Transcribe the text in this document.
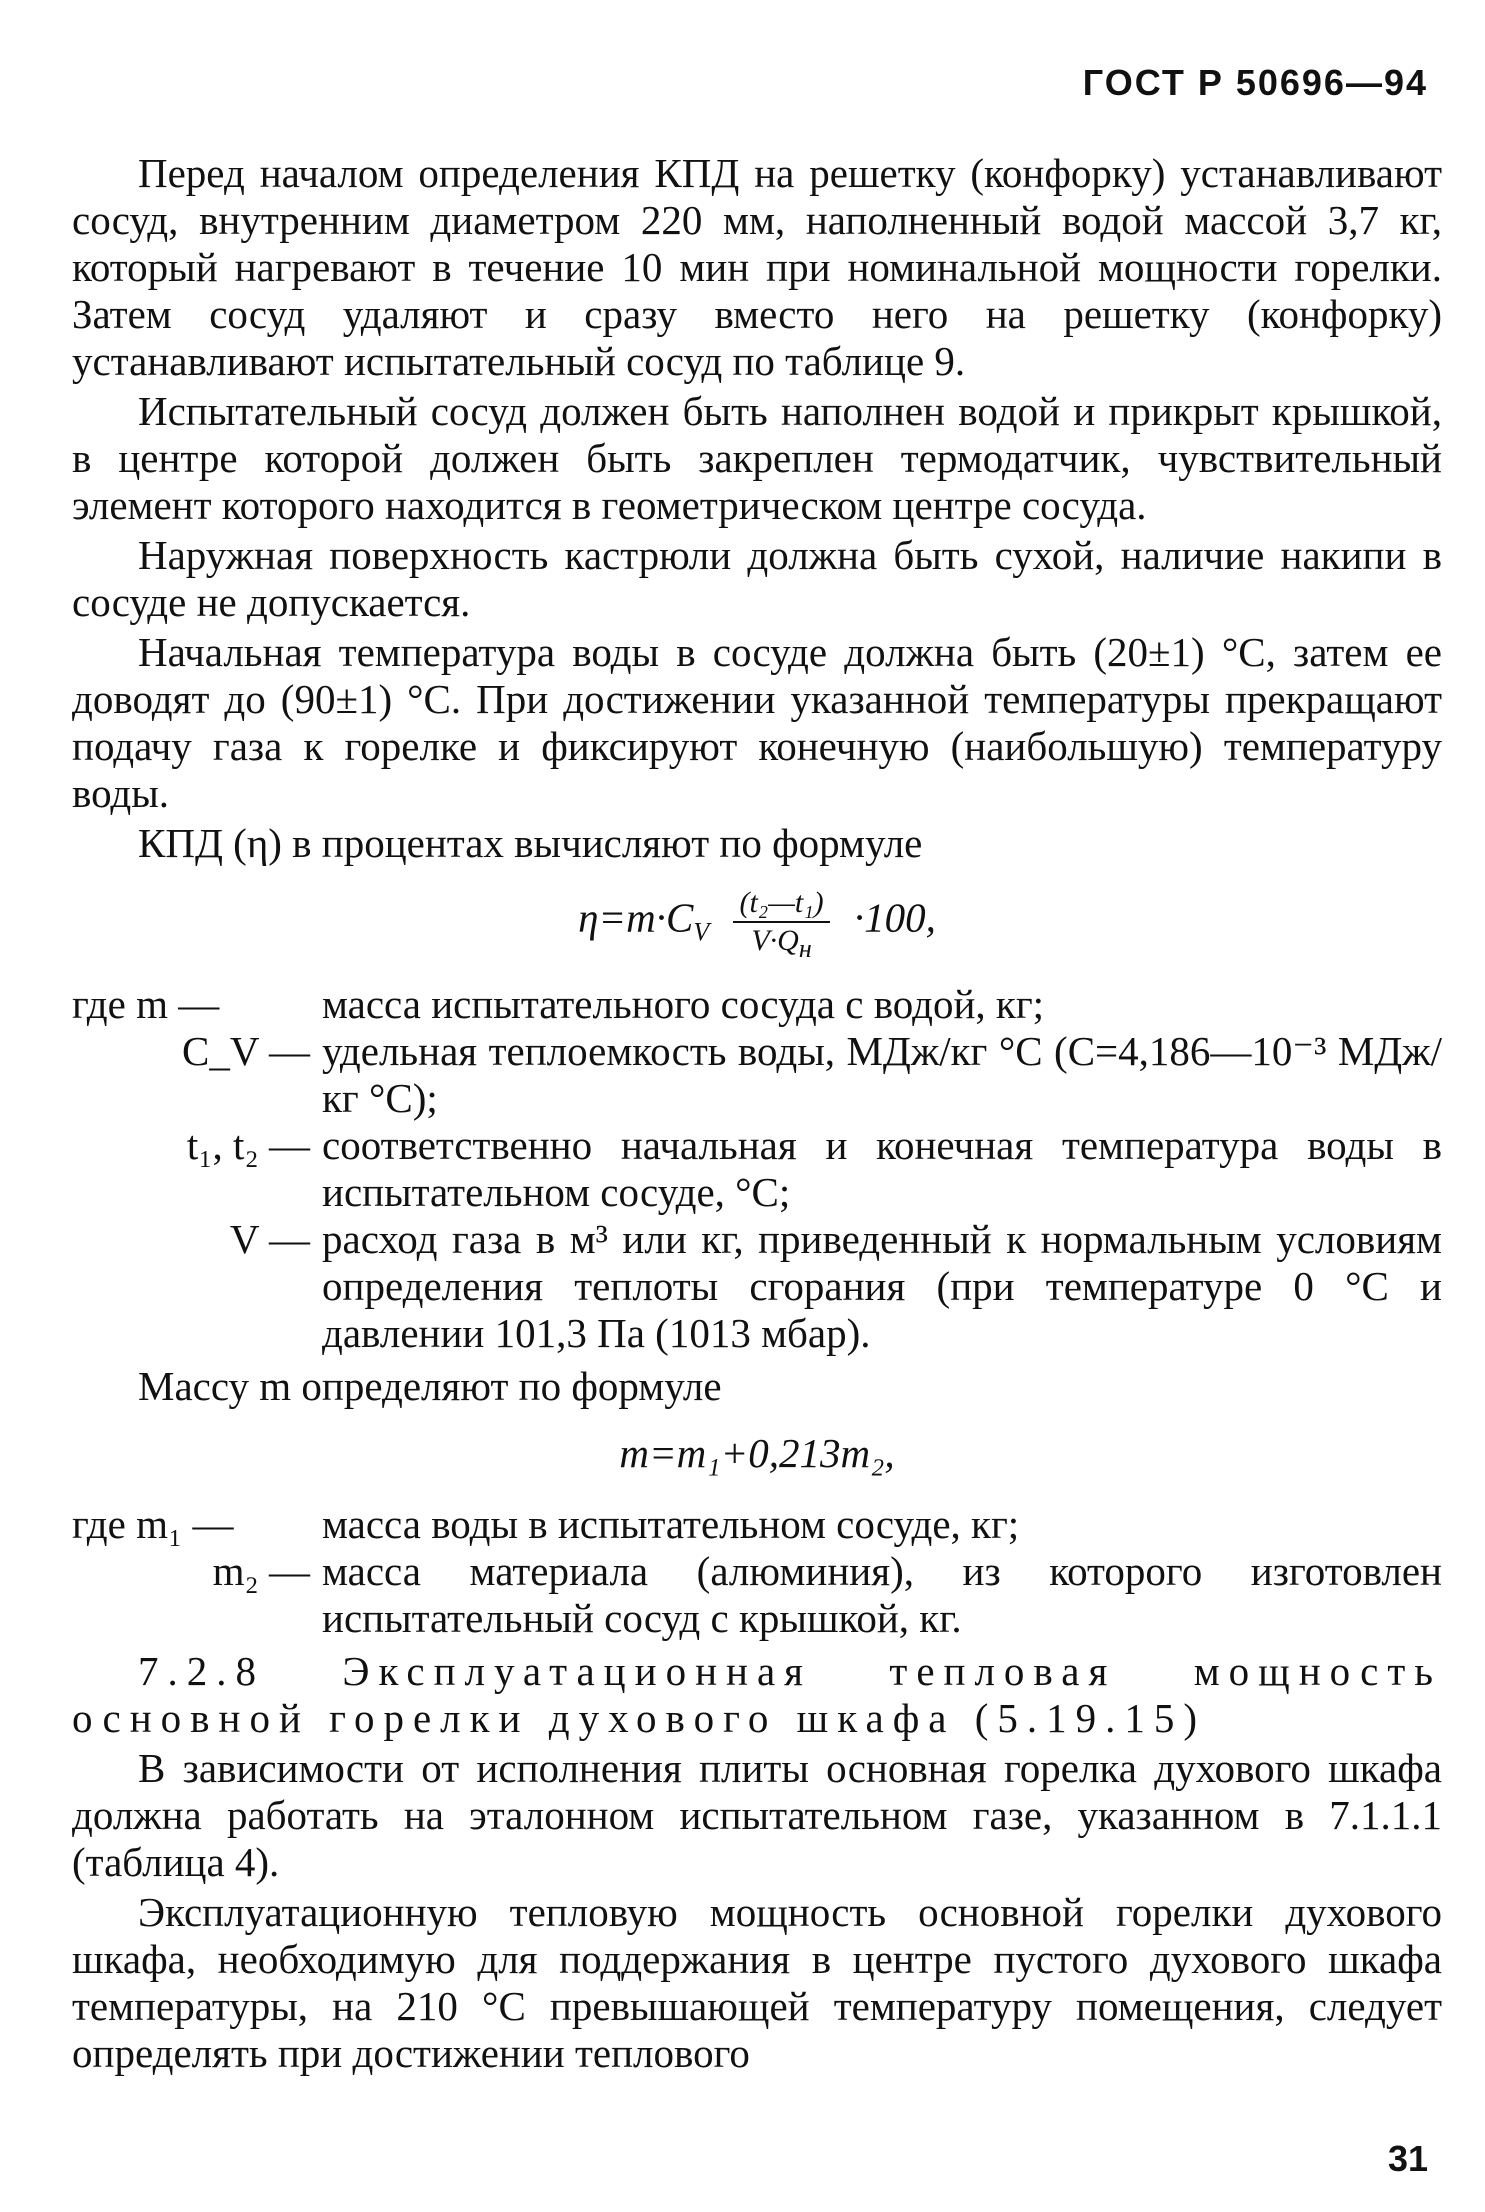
ГОСТ Р 50696—94

Перед началом определения КПД на решетку (конфорку) устанавливают сосуд, внутренним диаметром 220 мм, наполненный водой массой 3,7 кг, который нагревают в течение 10 мин при номинальной мощности горелки. Затем сосуд удаляют и сразу вместо него на решетку (конфорку) устанавливают испытательный сосуд по таблице 9.

Испытательный сосуд должен быть наполнен водой и прикрыт крышкой, в центре которой должен быть закреплен термодатчик, чувствительный элемент которого находится в геометрическом центре сосуда.

Наружная поверхность кастрюли должна быть сухой, наличие накипи в сосуде не допускается.

Начальная температура воды в сосуде должна быть (20±1) °С, затем ее доводят до (90±1) °С. При достижении указанной температуры прекращают подачу газа к горелке и фиксируют конечную (наибольшую) температуру воды.

КПД (η) в процентах вычисляют по формуле

$\eta=m\cdot C_V \frac{\text{(t₂—t₁)}}{V\cdot Q_н} \cdot 100$,
где m —	масса испытательного сосуда с водой, кг;
C_V — удельная теплоемкость воды, МДж/кг °С (С=4,186—10⁻³ МДж/кг °С);
t₁, t₂ — соответственно начальная и конечная температура воды в испытательном сосуде, °С;
V — расход газа в м³ или кг, приведенный к нормальным условиям определения теплоты сгорания (при температуре 0 °С и давлении 101,3 Па (1013 мбар).

Массу m определяют по формуле

m=m₁+0,213m₂,
где m₁ —	масса воды в испытательном сосуде, кг;
m₂ — масса материала (алюминия), из которого изготовлен испытательный сосуд с крышкой, кг.
7.2.8 Эксплуатационная тепловая мощность основной горелки духового шкафа (5.19.15)

В зависимости от исполнения плиты основная горелка духового шкафа должна работать на эталонном испытательном газе, указанном в 7.1.1.1 (таблица 4).

Эксплуатационную тепловую мощность основной горелки духового шкафа, необходимую для поддержания в центре пустого духового шкафа температуры, на 210 °С превышающей температуру помещения, следует определять при достижении теплового

31
